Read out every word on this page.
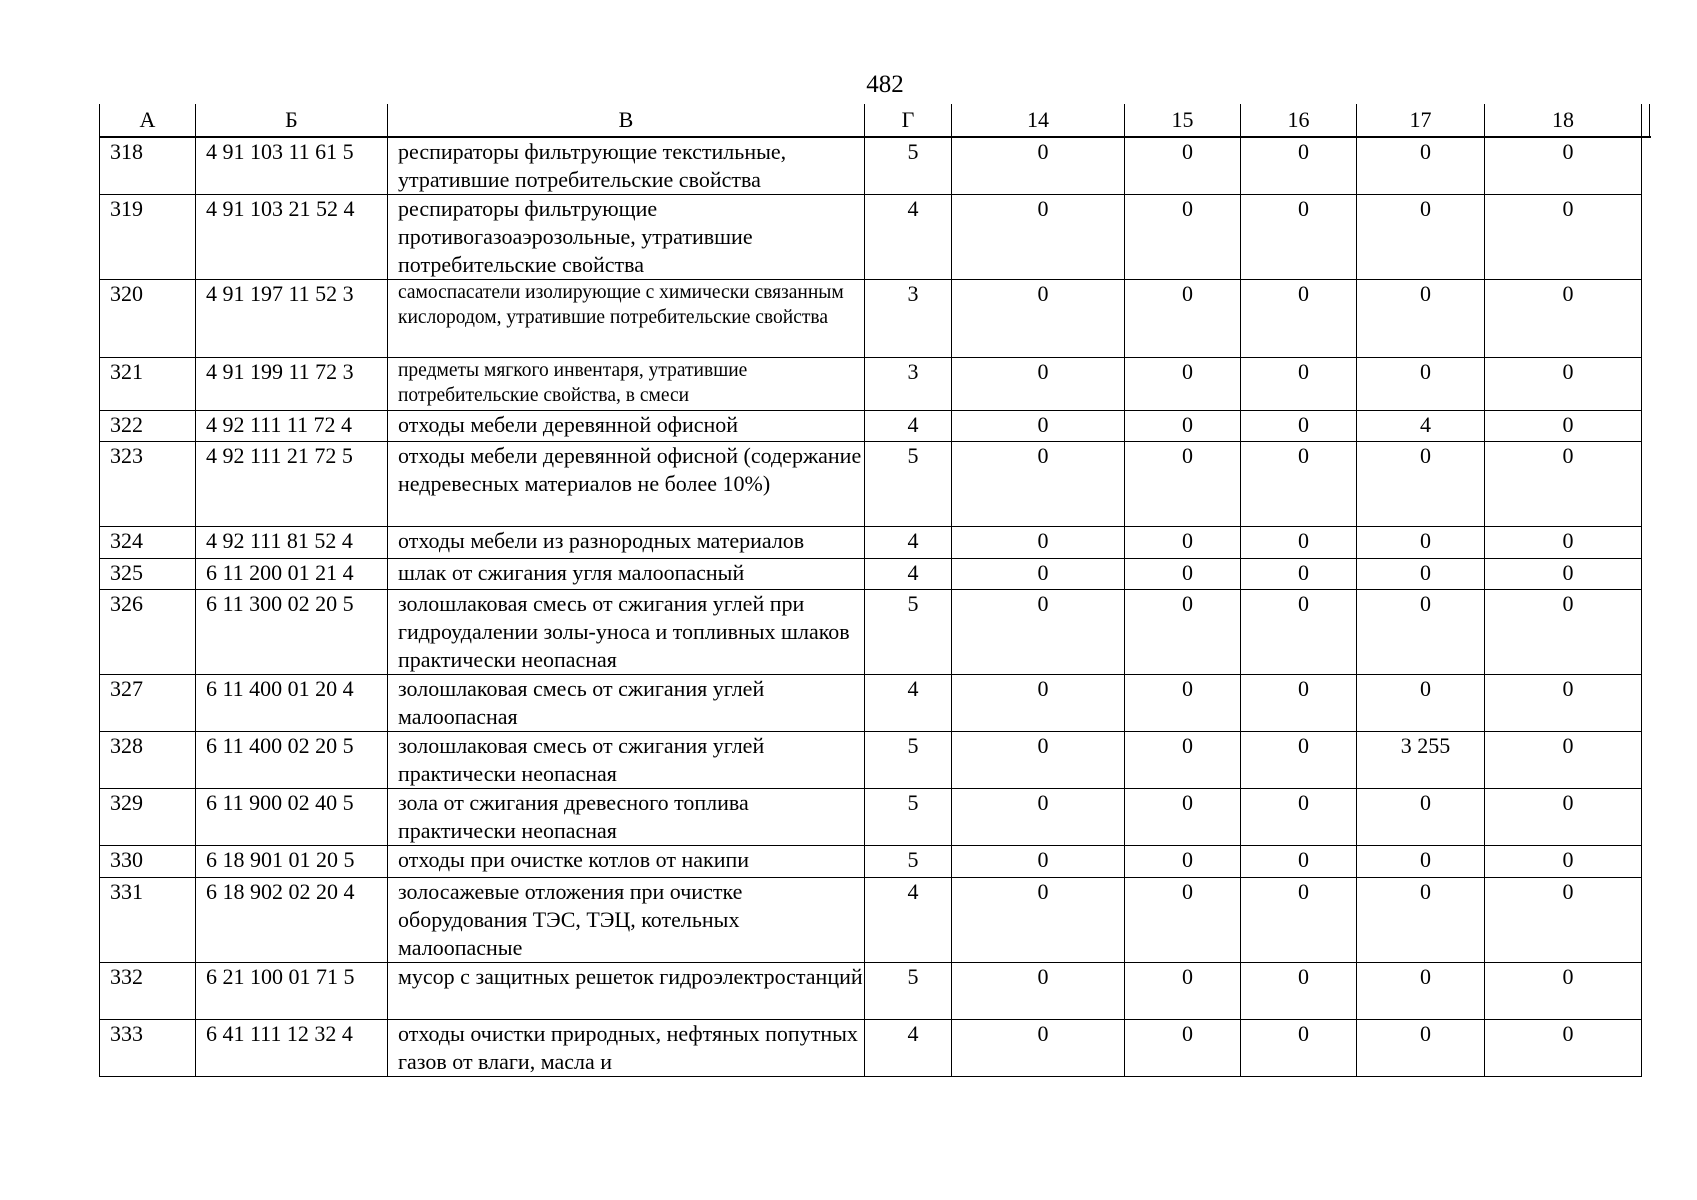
482
А	Б	В	Г	14	15	16	17	18
318	4 91 103 11 61 5	респираторы фильтрующие текстильные, утратившие потребительские свойства	5	0	0	0	0	0
319	4 91 103 21 52 4	респираторы фильтрующие противогазоаэрозольные, утратившие потребительские свойства	4	0	0	0	0	0
320	4 91 197 11 52 3	самоспасатели изолирующие с химически связанным кислородом, утратившие потребительские свойства	3	0	0	0	0	0
321	4 91 199 11 72 3	предметы мягкого инвентаря, утратившие потребительские свойства, в смеси	3	0	0	0	0	0
322	4 92 111 11 72 4	отходы мебели деревянной офисной	4	0	0	0	4	0
323	4 92 111 21 72 5	отходы мебели деревянной офисной (содержание недревесных материалов не более 10%)	5	0	0	0	0	0
324	4 92 111 81 52 4	отходы мебели из разнородных материалов	4	0	0	0	0	0
325	6 11 200 01 21 4	шлак от сжигания угля малоопасный	4	0	0	0	0	0
326	6 11 300 02 20 5	золошлаковая смесь от сжигания углей при гидроудалении золы-уноса и топливных шлаков практически неопасная	5	0	0	0	0	0
327	6 11 400 01 20 4	золошлаковая смесь от сжигания углей малоопасная	4	0	0	0	0	0
328	6 11 400 02 20 5	золошлаковая смесь от сжигания углей практически неопасная	5	0	0	0	3 255	0
329	6 11 900 02 40 5	зола от сжигания древесного топлива практически неопасная	5	0	0	0	0	0
330	6 18 901 01 20 5	отходы при очистке котлов от накипи	5	0	0	0	0	0
331	6 18 902 02 20 4	золосажевые отложения при очистке оборудования ТЭС, ТЭЦ, котельных малоопасные	4	0	0	0	0	0
332	6 21 100 01 71 5	мусор с защитных решеток гидроэлектростанций	5	0	0	0	0	0
333	6 41 111 12 32 4	отходы очистки природных, нефтяных попутных газов от влаги, масла и	4	0	0	0	0	0
